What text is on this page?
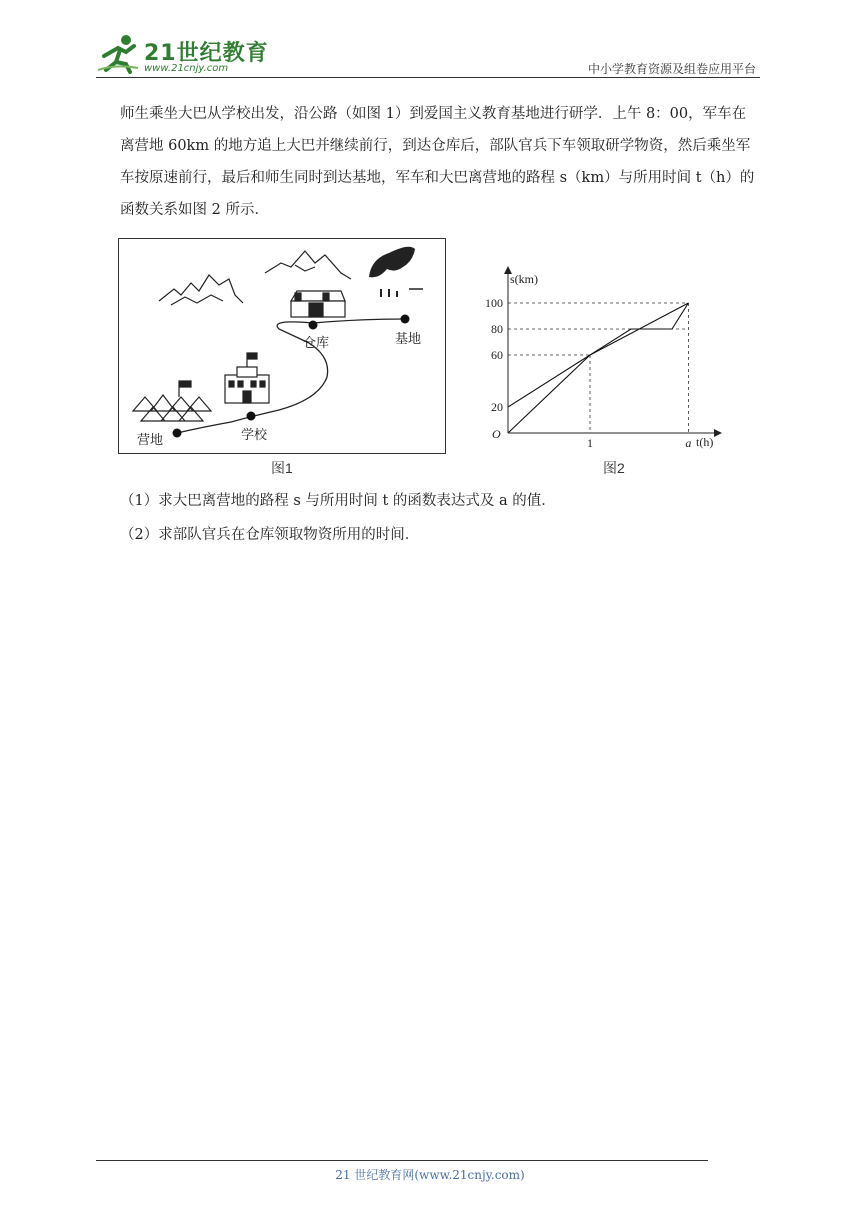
21世纪教育
www.21cnjy.com	中小学教育资源及组卷应用平台
师生乘坐大巴从学校出发，沿公路（如图 1）到爱国主义教育基地进行研学．上午 8：00，军车在
离营地 60km 的地方追上大巴并继续前行，到达仓库后，部队官兵下车领取研学物资，然后乘坐军
车按原速前行，最后和师生同时到达基地，军车和大巴离营地的路程 s（km）与所用时间 t（h）的
函数关系如图 2 所示．
营地	学校
仓库	基地
图1
s(km)
t(h)
O
20
60
80
100
1	a
图2
（1）求大巴离营地的路程 s 与所用时间 t 的函数表达式及 a 的值．
（2）求部队官兵在仓库领取物资所用的时间．
21 世纪教育网(www.21cnjy.com)
